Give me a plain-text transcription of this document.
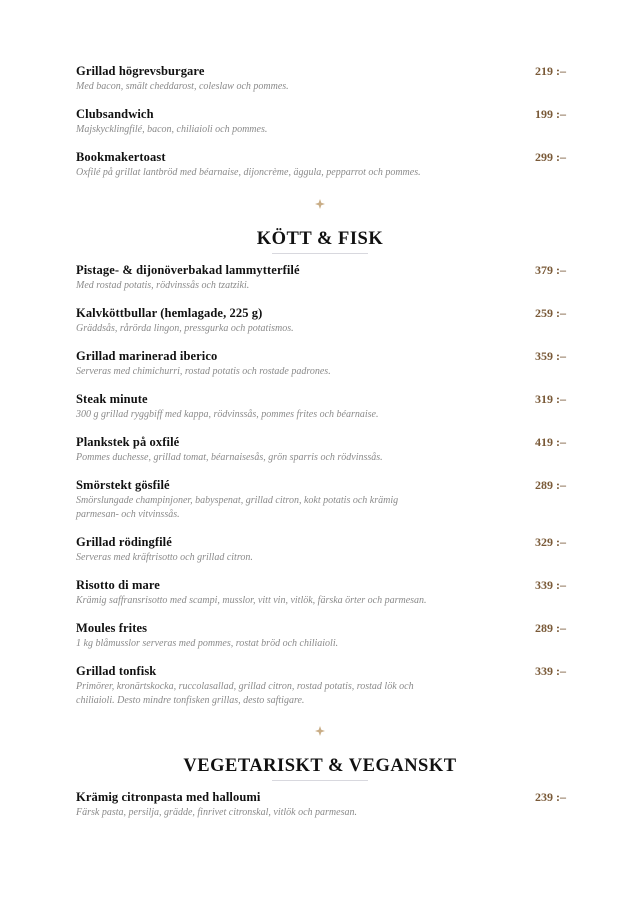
Grillad högrevsburgare
Med bacon, smält cheddarost, coleslaw och pommes.
219 :–
Clubsandwich
Majskycklingfilé, bacon, chiliaioli och pommes.
199 :–
Bookmakertoast
Oxfilé på grillat lantbröd med béarnaise, dijoncrème, äggula, pepparrot och pommes.
299 :–
KÖTT & FISK
Pistage- & dijonöverbakad lammytterfilé
Med rostad potatis, rödvinssås och tzatziki.
379 :–
Kalvköttbullar (hemlagade, 225 g)
Gräddsås, rårörda lingon, pressgurka och potatismos.
259 :–
Grillad marinerad iberico
Serveras med chimichurri, rostad potatis och rostade padrones.
359 :–
Steak minute
300 g grillad ryggbiff med kappa, rödvinssås, pommes frites och béarnaise.
319 :–
Plankstek på oxfilé
Pommes duchesse, grillad tomat, béarnaisesås, grön sparris och rödvinssås.
419 :–
Smörstekt gösfilé
Smörslungade champinjoner, babyspenat, grillad citron, kokt potatis och krämig parmesan- och vitvinssås.
289 :–
Grillad rödingfilé
Serveras med kräftrisotto och grillad citron.
329 :–
Risotto di mare
Krämig saffransrisotto med scampi, musslor, vitt vin, vitlök, färska örter och parmesan.
339 :–
Moules frites
1 kg blåmusslor serveras med pommes, rostat bröd och chiliaioli.
289 :–
Grillad tonfisk
Primörer, kronärtskocka, ruccolasallad, grillad citron, rostad potatis, rostad lök och chiliaioli. Desto mindre tonfisken grillas, desto saftigare.
339 :–
VEGETARISKT & VEGANSKT
Krämig citronpasta med halloumi
Färsk pasta, persilja, grädde, finrivet citronskal, vitlök och parmesan.
239 :–
